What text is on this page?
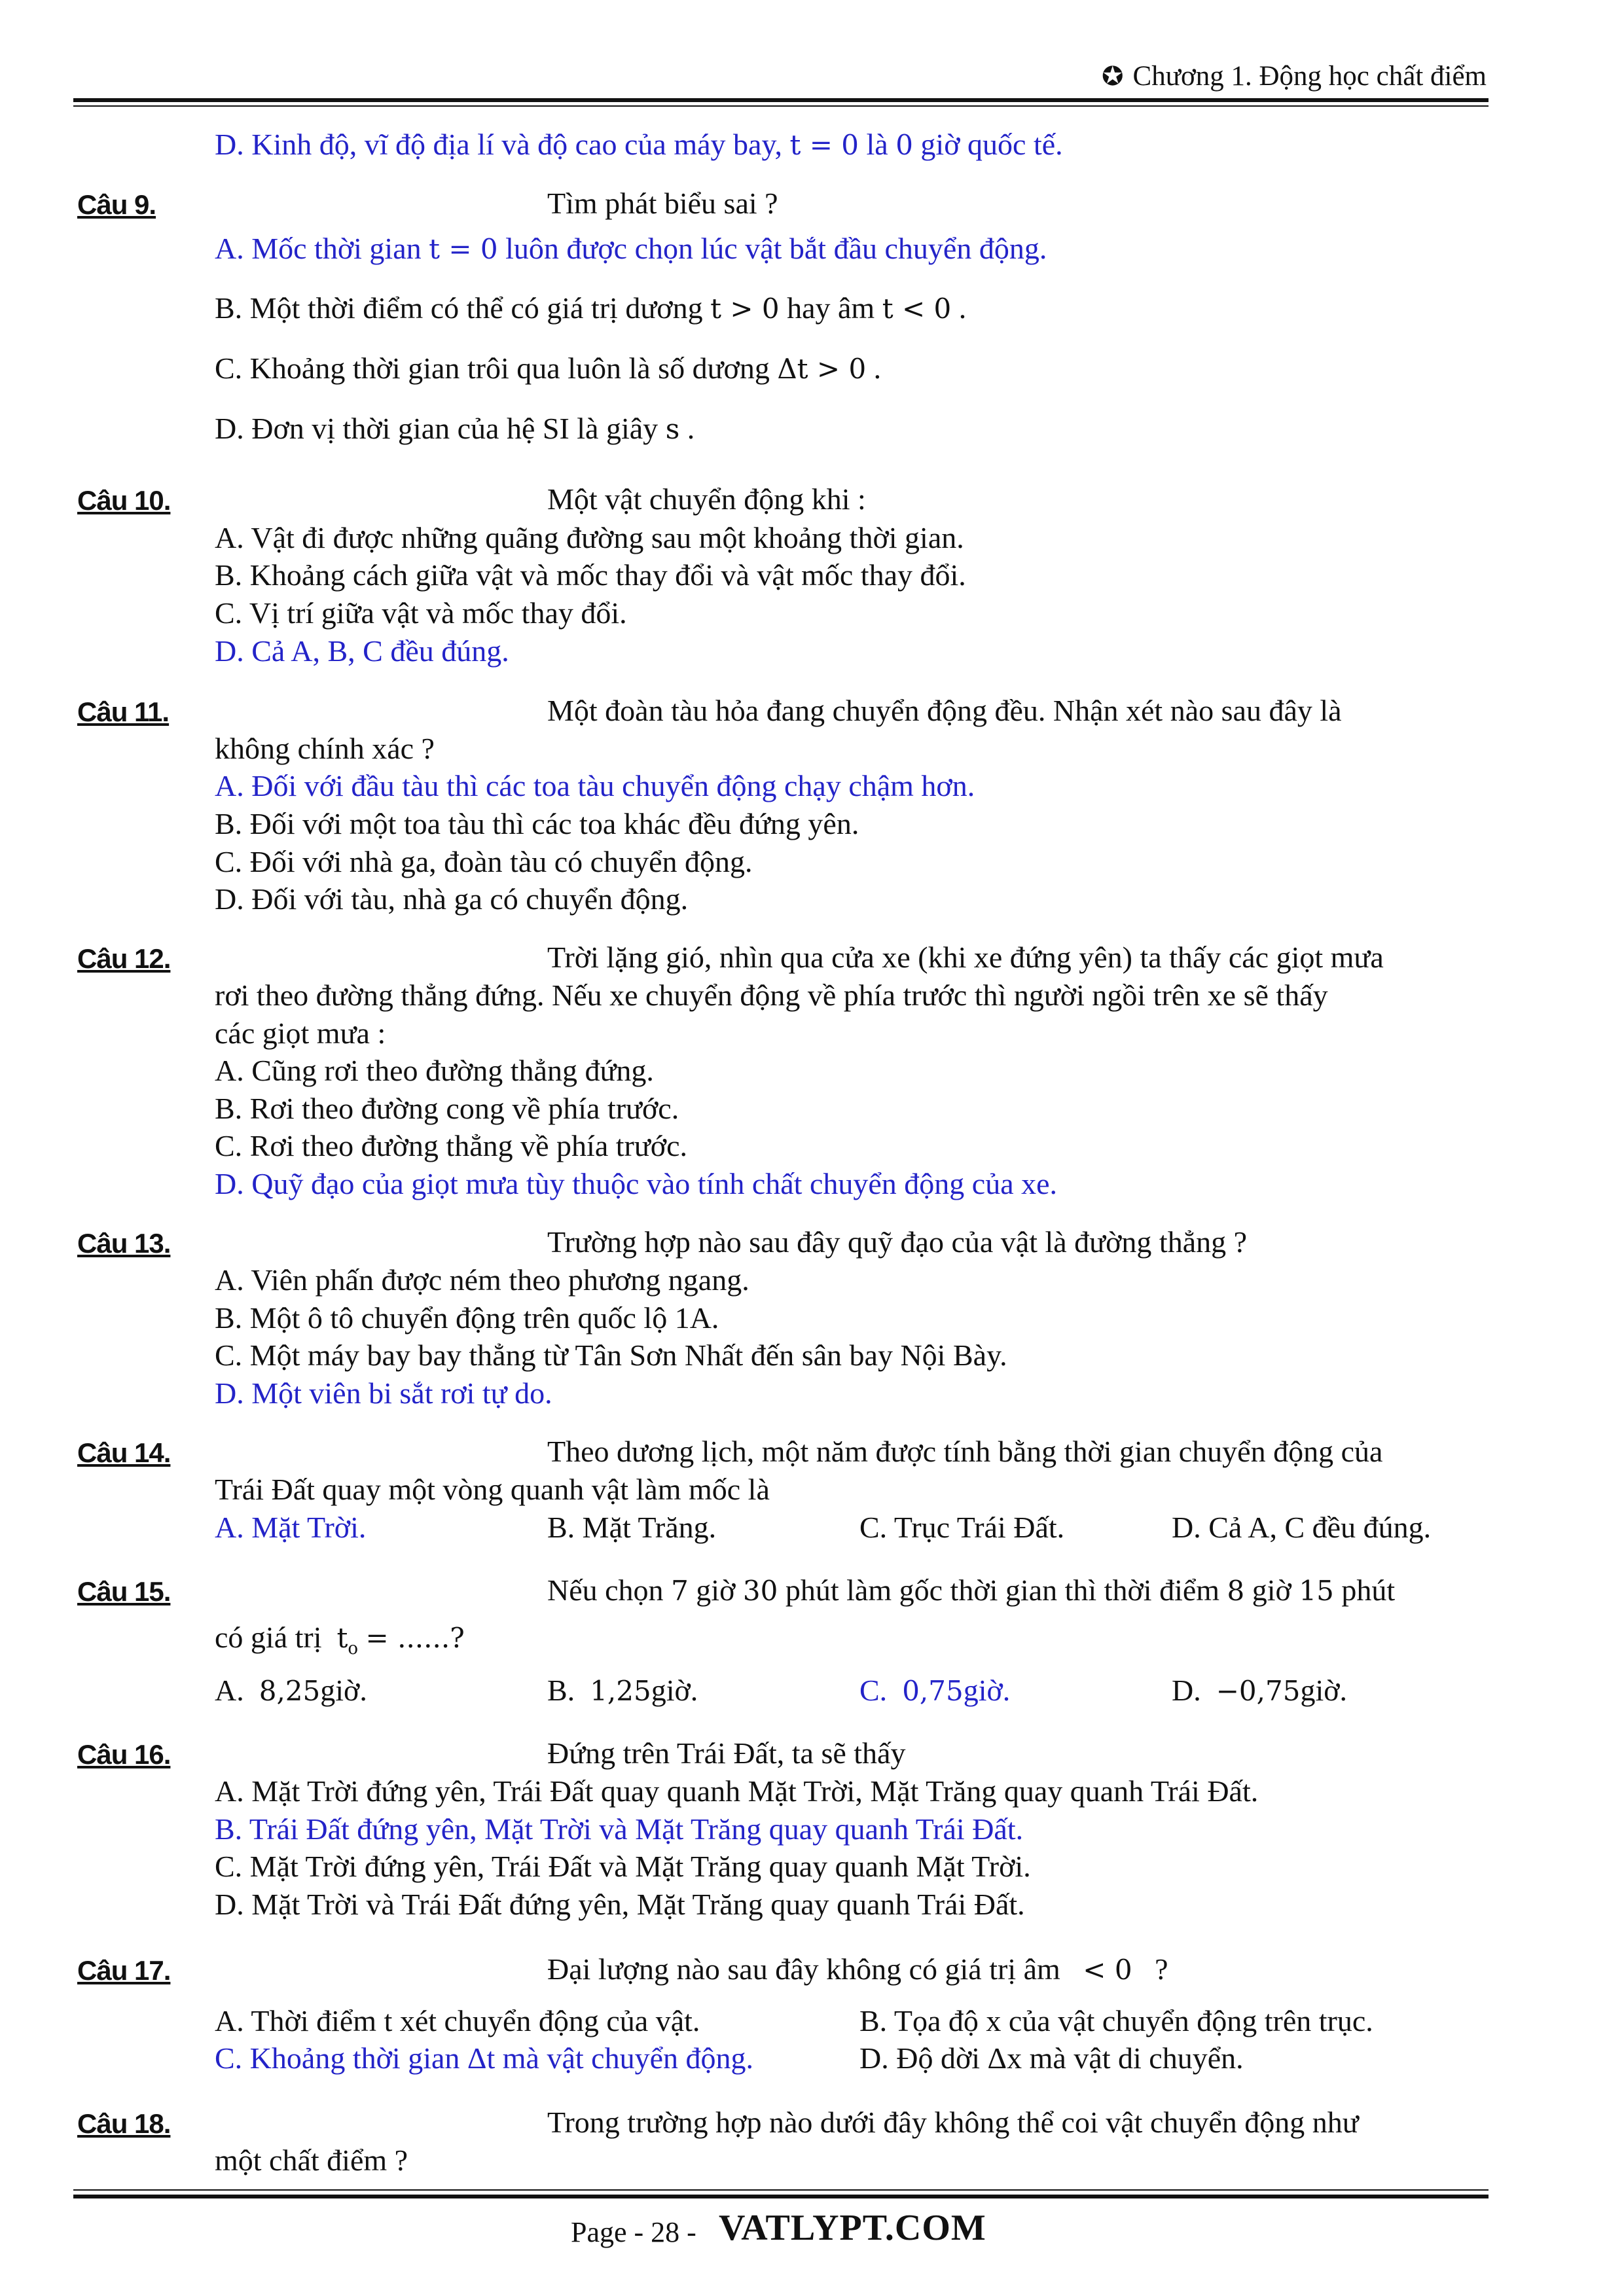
✪ Chương 1. Động học chất điểm
D. Kinh độ, vĩ độ địa lí và độ cao của máy bay, t = 0 là 0 giờ quốc tế.
Câu 9.	Tìm phát biểu sai ?
A. Mốc thời gian t = 0 luôn được chọn lúc vật bắt đầu chuyển động.
B. Một thời điểm có thể có giá trị dương t > 0 hay âm t < 0 .
C. Khoảng thời gian trôi qua luôn là số dương Δt > 0 .
D. Đơn vị thời gian của hệ SI là giây s .
Câu 10.	Một vật chuyển động khi :
A. Vật đi được những quãng đường sau một khoảng thời gian.
B. Khoảng cách giữa vật và mốc thay đổi và vật mốc thay đổi.
C. Vị trí giữa vật và mốc thay đổi.
D. Cả A, B, C đều đúng.
Câu 11.	Một đoàn tàu hỏa đang chuyển động đều. Nhận xét nào sau đây là
không chính xác ?
A. Đối với đầu tàu thì các toa tàu chuyển động chạy chậm hơn.
B. Đối với một toa tàu thì các toa khác đều đứng yên.
C. Đối với nhà ga, đoàn tàu có chuyển động.
D. Đối với tàu, nhà ga có chuyển động.
Câu 12.	Trời lặng gió, nhìn qua cửa xe (khi xe đứng yên) ta thấy các giọt mưa
rơi theo đường thẳng đứng. Nếu xe chuyển động về phía trước thì người ngồi trên xe sẽ thấy
các giọt mưa :
A. Cũng rơi theo đường thẳng đứng.
B. Rơi theo đường cong về phía trước.
C. Rơi theo đường thẳng về phía trước.
D. Quỹ đạo của giọt mưa tùy thuộc vào tính chất chuyển động của xe.
Câu 13.	Trường hợp nào sau đây quỹ đạo của vật là đường thẳng ?
A. Viên phấn được ném theo phương ngang.
B. Một ô tô chuyển động trên quốc lộ 1A.
C. Một máy bay bay thẳng từ Tân Sơn Nhất đến sân bay Nội Bày.
D. Một viên bi sắt rơi tự do.
Câu 14.	Theo dương lịch, một năm được tính bằng thời gian chuyển động của
Trái Đất quay một vòng quanh vật làm mốc là
A. Mặt Trời.	B. Mặt Trăng.	C. Trục Trái Đất.	D. Cả A, C đều đúng.
Câu 15.	Nếu chọn 7 giờ 30 phút làm gốc thời gian thì thời điểm 8 giờ 15 phút
có giá trị $t_o$ = ......?
A. 8,25giờ.	B. 1,25giờ.	C. 0,75giờ.	D. −0,75giờ.
Câu 16.	Đứng trên Trái Đất, ta sẽ thấy
A. Mặt Trời đứng yên, Trái Đất quay quanh Mặt Trời, Mặt Trăng quay quanh Trái Đất.
B. Trái Đất đứng yên, Mặt Trời và Mặt Trăng quay quanh Trái Đất.
C. Mặt Trời đứng yên, Trái Đất và Mặt Trăng quay quanh Mặt Trời.
D. Mặt Trời và Trái Đất đứng yên, Mặt Trăng quay quanh Trái Đất.
Câu 17.	Đại lượng nào sau đây không có giá trị âm < 0 ?
A. Thời điểm t xét chuyển động của vật.	B. Tọa độ x của vật chuyển động trên trục.
C. Khoảng thời gian Δt mà vật chuyển động.	D. Độ dời Δx mà vật di chuyển.
Câu 18.	Trong trường hợp nào dưới đây không thể coi vật chuyển động như
một chất điểm ?
Page - 28 - VATLYPT.COM
